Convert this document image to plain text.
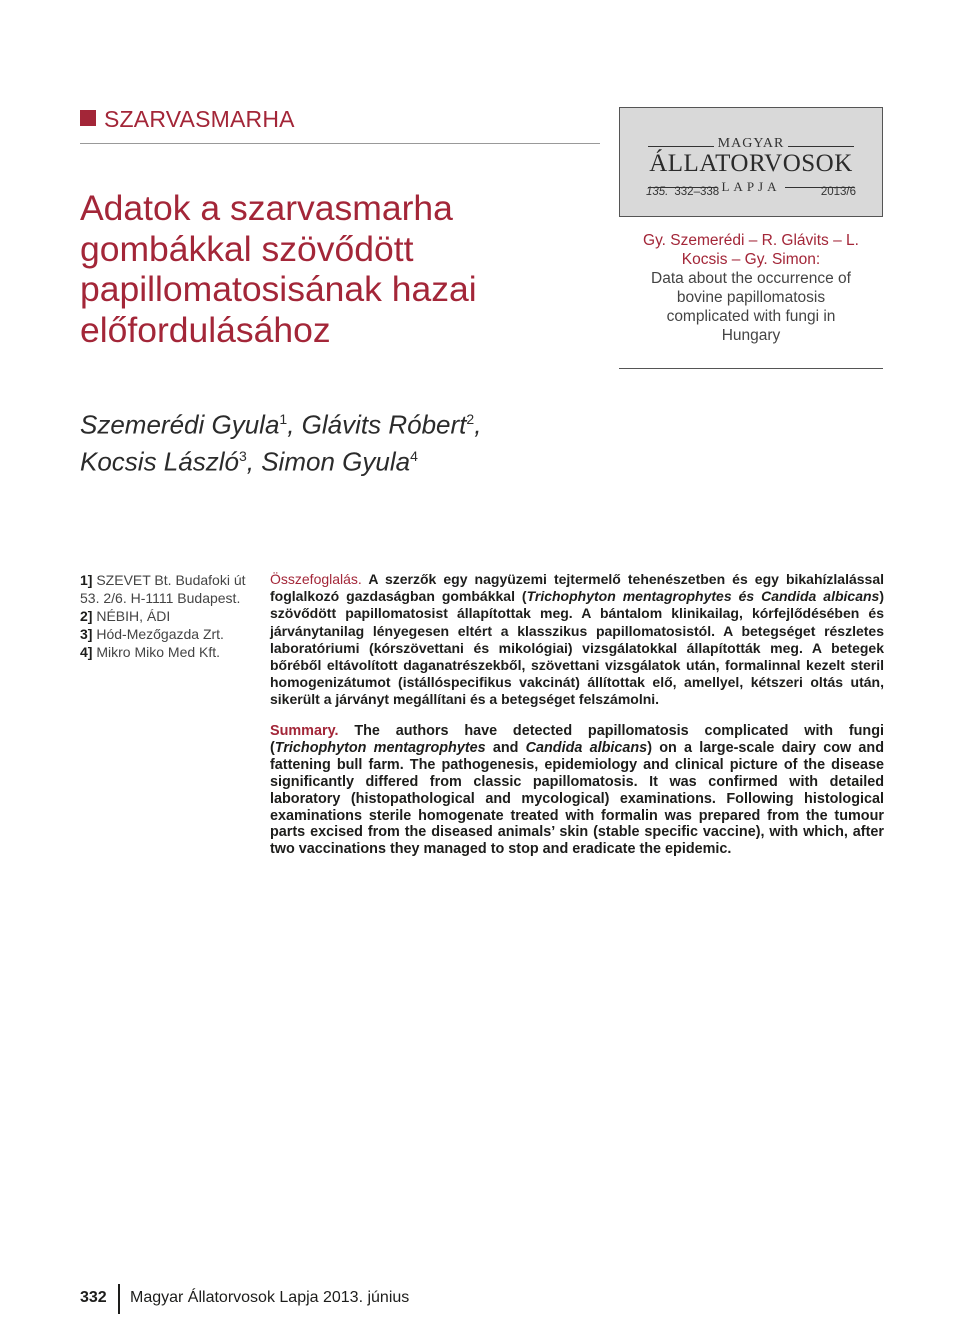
SZARVASMARHA
Adatok a szarvasmarha gombákkal szövődött papillomatosisának hazai előfordulásához
MAGYAR
ÁLLATORVOSOK
LAPJA
135. 332–338	2013/6

Gy. Szemerédi – R. Glávits – L. Kocsis – Gy. Simon:

Data about the occurrence of bovine papillomatosis complicated with fungi in Hungary

Szemerédi Gyula$^1$, Glávits Róbert$^2$,
Kocsis László$^3$, Simon Gyula$^4$

1] SZEVET Bt. Budafoki út 53. 2/6. H-1111 Budapest.

2] NÉBIH, ÁDI

3] Hód-Mezőgazda Zrt.

4] Mikro Miko Med Kft.

Összefoglalás. A szerzők egy nagyüzemi tejtermelő tehenészetben és egy bikahízlalással foglalkozó gazdaságban gombákkal (Trichophyton mentagrophytes és Candida albicans) szövődött papillomatosist állapítottak meg. A bántalom klinikailag, kórfejlődésében és járványtanilag lényegesen eltért a klasszikus papillomatosistól. A betegséget részletes laboratóriumi (kórszövettani és mikológiai) vizsgálatokkal állapították meg. A betegek bőréből eltávolított daganatrészekből, szövettani vizsgálatok után, formalinnal kezelt steril homogenizátumot (istállóspecifikus vakcinát) állítottak elő, amellyel, kétszeri oltás után, sikerült a járványt megállítani és a betegséget felszámolni.

Summary. The authors have detected papillomatosis complicated with fungi (Trichophyton mentagrophytes and Candida albicans) on a large-scale dairy cow and fattening bull farm. The pathogenesis, epidemiology and clinical picture of the disease significantly differed from classic papillomatosis. It was confirmed with detailed laboratory (histopathological and mycological) examinations. Following histological examinations sterile homogenate treated with formalin was prepared from the tumour parts excised from the diseased animals’ skin (stable specific vaccine), with which, after two vaccinations they managed to stop and eradicate the epidemic.

332 Magyar Állatorvosok Lapja 2013. június
